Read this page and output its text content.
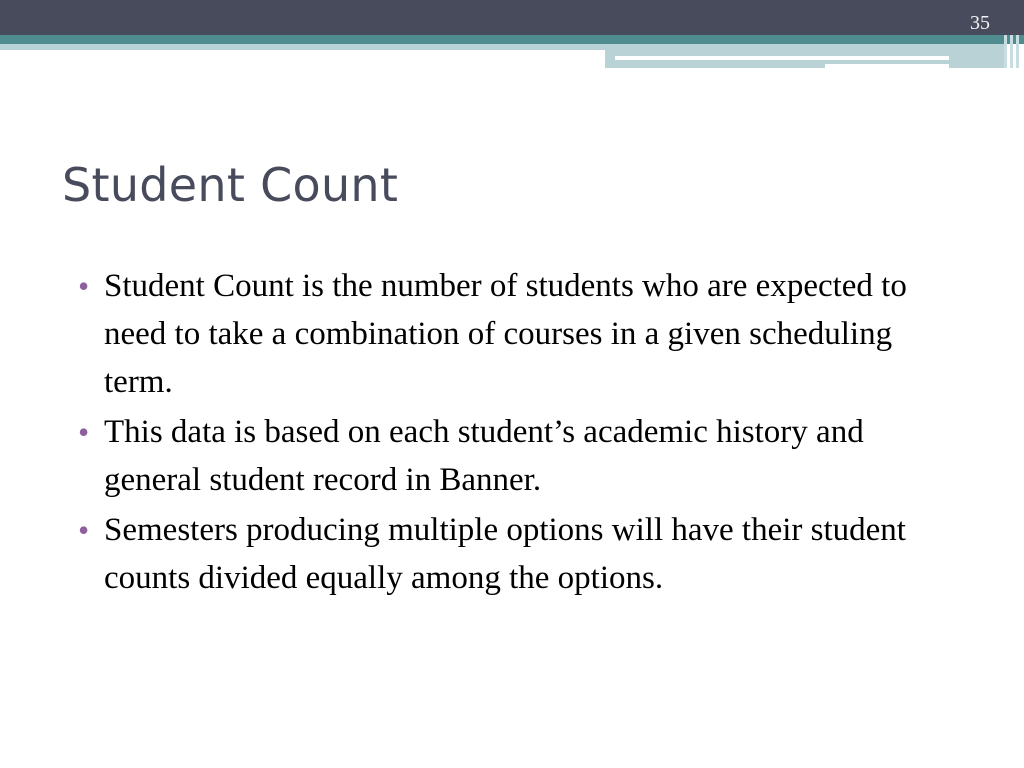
35
Student Count
• Student Count is the number of students who are expected to need to take a combination of courses in a given scheduling term.
• This data is based on each student’s academic history and general student record in Banner.
• Semesters producing multiple options will have their student counts divided equally among the options.
